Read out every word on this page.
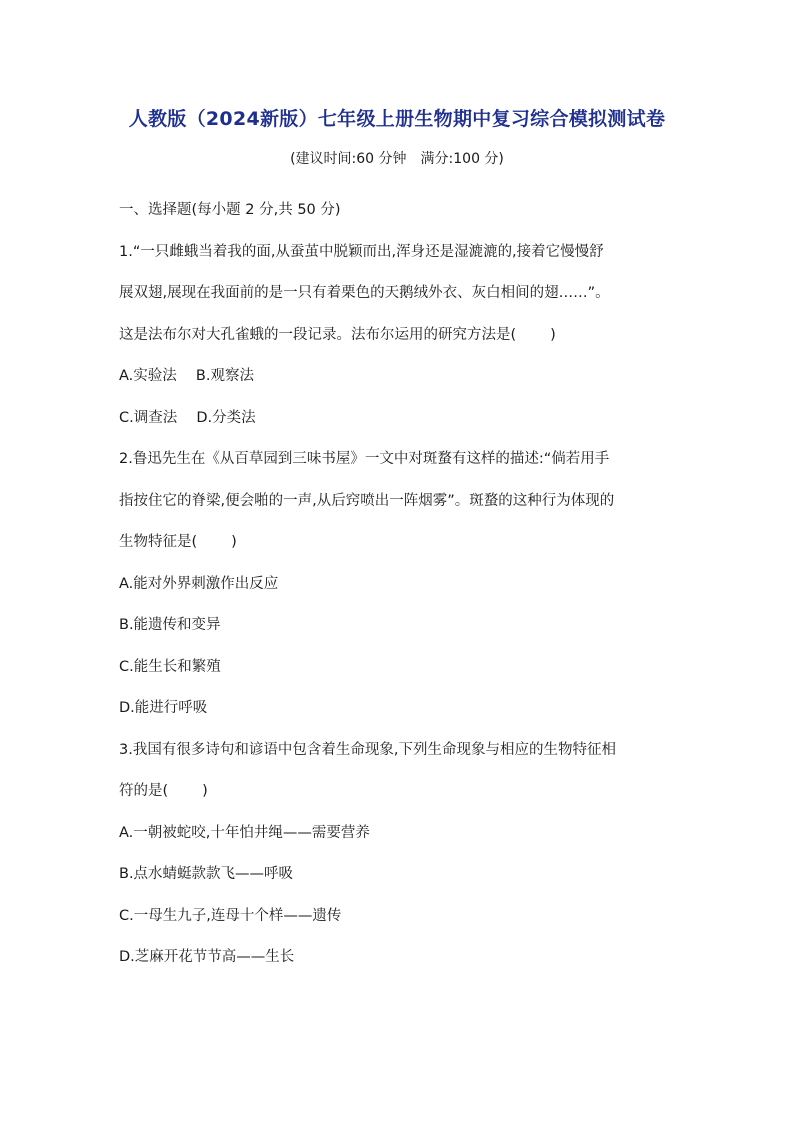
人教版（2024新版）七年级上册生物期中复习综合模拟测试卷
(建议时间:60 分钟　满分:100 分)
一、选择题(每小题 2 分,共 50 分)
1.“一只雌蛾当着我的面,从蚕茧中脱颖而出,浑身还是湿漉漉的,接着它慢慢舒
展双翅,展现在我面前的是一只有着栗色的天鹅绒外衣、灰白相间的翅……”。
这是法布尔对大孔雀蛾的一段记录。法布尔运用的研究方法是( )
A.实验法　 B.观察法
C.调查法　 D.分类法
2.鲁迅先生在《从百草园到三味书屋》一文中对斑蝥有这样的描述:“倘若用手
指按住它的脊梁,便会啪的一声,从后窍喷出一阵烟雾”。斑蝥的这种行为体现的
生物特征是( )
A.能对外界刺激作出反应
B.能遗传和变异
C.能生长和繁殖
D.能进行呼吸
3.我国有很多诗句和谚语中包含着生命现象,下列生命现象与相应的生物特征相
符的是( )
A.一朝被蛇咬,十年怕井绳——需要营养
B.点水蜻蜓款款飞——呼吸
C.一母生九子,连母十个样——遗传
D.芝麻开花节节高——生长
